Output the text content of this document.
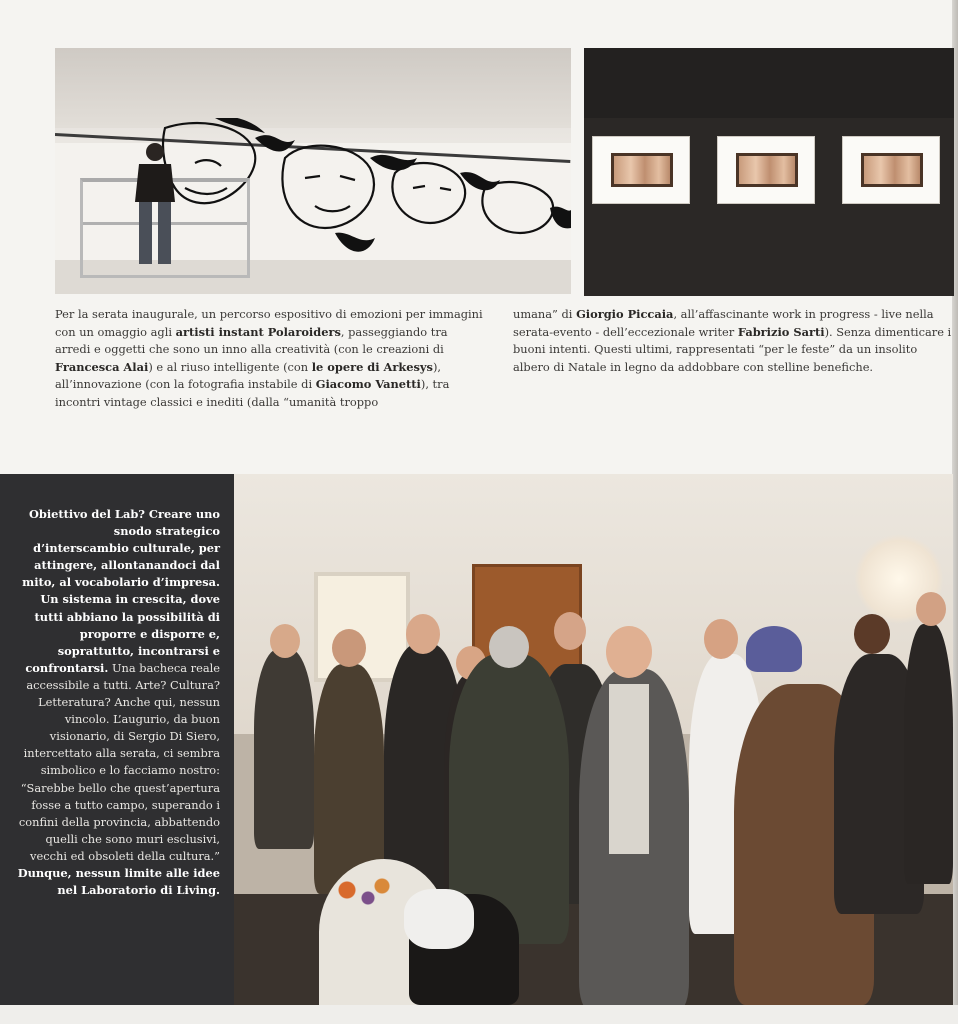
Per la serata inaugurale, un percorso espositivo di emozioni per immagini con un omaggio agli artisti instant Polaroiders, passeggiando tra arredi e oggetti che sono un inno alla creatività (con le creazioni di Francesca Alai) e al riuso intelligente (con le opere di Arkesys), all’innovazione (con la fotografia instabile di Giacomo Vanetti), tra incontri vintage classici e inediti (dalla “umanità troppo
umana” di Giorgio Piccaia, all’affascinante work in progress - live nella serata-evento - dell’eccezionale writer Fabrizio Sarti). Senza dimenticare i buoni intenti. Questi ultimi, rappresentati “per le feste” da un insolito albero di Natale in legno da addobbare con stelline benefiche.
Obiettivo del Lab? Creare uno snodo strategico d’interscambio culturale, per attingere, allontanandoci dal mito, al vocabolario d’impresa. Un sistema in crescita, dove tutti abbiano la possibilità di proporre e disporre e, soprattutto, incontrarsi e confrontarsi. Una bacheca reale accessibile a tutti. Arte? Cultura? Letteratura? Anche qui, nessun vincolo. L’augurio, da buon visionario, di Sergio Di Siero, intercettato alla serata, ci sembra simbolico e lo facciamo nostro: “Sarebbe bello che quest’apertura fosse a tutto campo, superando i confini della provincia, abbattendo quelli che sono muri esclusivi, vecchi ed obsoleti della cultura.” Dunque, nessun limite alle idee nel Laboratorio di Living.
